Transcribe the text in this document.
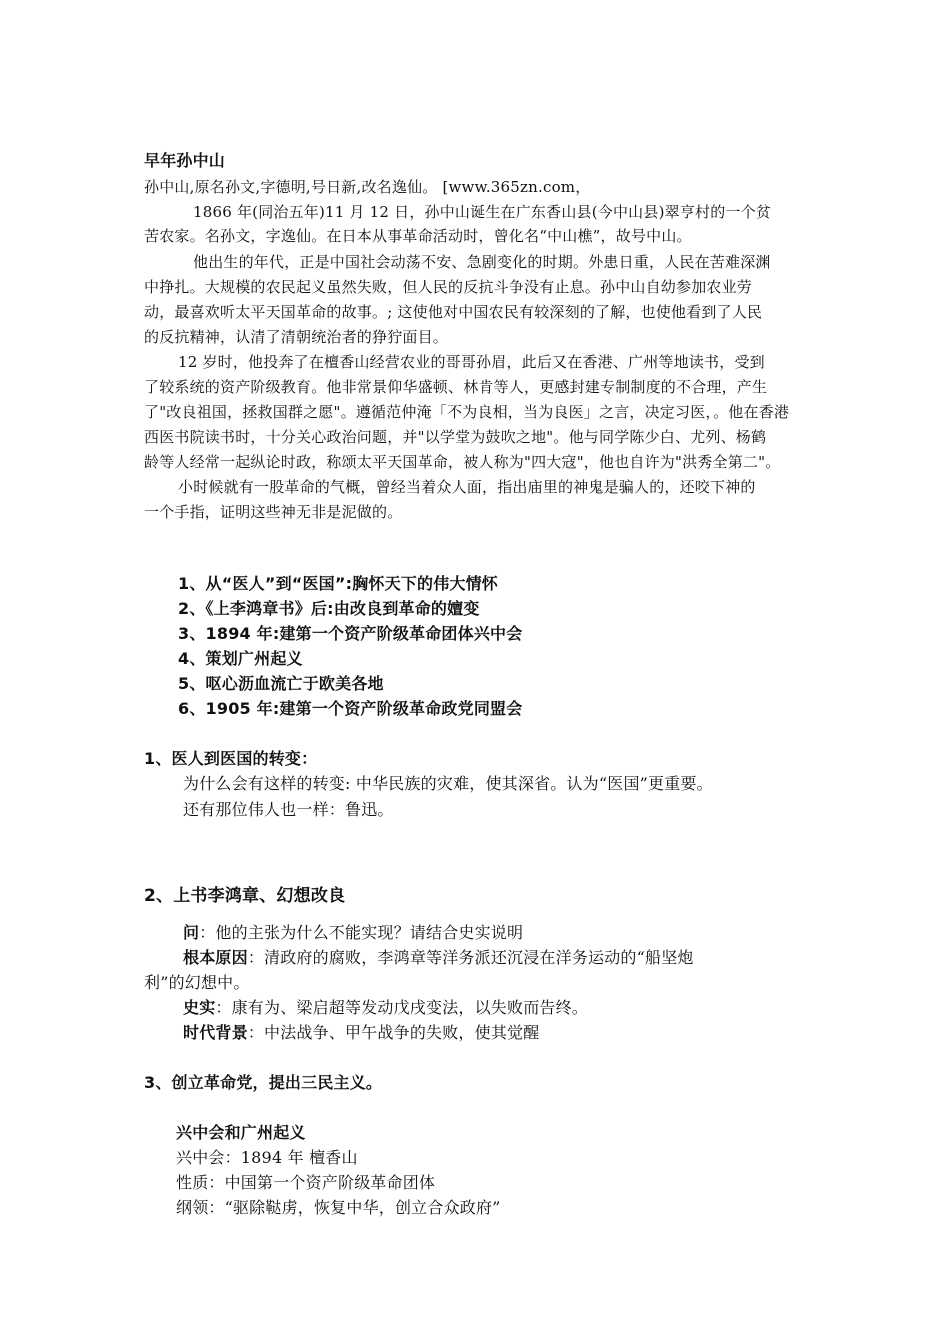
早年孙中山
孙中山,原名孙文,字德明,号日新,改名逸仙。 [www.365zn.com，
1866 年(同治五年)11 月 12 日，孙中山诞生在广东香山县(今中山县)翠亨村的一个贫
苦农家。名孙文，字逸仙。在日本从事革命活动时，曾化名“中山樵”，故号中山。
他出生的年代，正是中国社会动荡不安、急剧变化的时期。外患日重，人民在苦难深渊
中挣扎。大规模的农民起义虽然失败，但人民的反抗斗争没有止息。孙中山自幼参加农业劳
动，最喜欢听太平天国革命的故事。; 这使他对中国农民有较深刻的了解，也使他看到了人民
的反抗精神，认清了清朝统治者的狰狞面目。
12 岁时，他投奔了在檀香山经营农业的哥哥孙眉，此后又在香港、广州等地读书，受到
了较系统的资产阶级教育。他非常景仰华盛顿、林肯等人，更感封建专制制度的不合理，产生
了"改良祖国，拯救国群之愿"。遵循范仲淹「不为良相，当为良医」之言，决定习医，。他在香港
西医书院读书时，十分关心政治问题，并"以学堂为鼓吹之地"。他与同学陈少白、尤列、杨鹤
龄等人经常一起纵论时政，称颂太平天国革命，被人称为"四大寇"，他也自许为"洪秀全第二"。
小时候就有一股革命的气概，曾经当着众人面，指出庙里的神鬼是骗人的，还咬下神的
一个手指，证明这些神无非是泥做的。
1、从“医人”到“医国”:胸怀天下的伟大情怀
2、《上李鸿章书》后:由改良到革命的嬗变
3、1894 年:建第一个资产阶级革命团体兴中会
4、策划广州起义
5、呕心沥血流亡于欧美各地
6、1905 年:建第一个资产阶级革命政党同盟会
1、医人到医国的转变：
为什么会有这样的转变: 中华民族的灾难，使其深省。认为“医国”更重要。
还有那位伟人也一样：鲁迅。
2、上书李鸿章、幻想改良
问：他的主张为什么不能实现？请结合史实说明
根本原因：清政府的腐败，李鸿章等洋务派还沉浸在洋务运动的“船坚炮
利”的幻想中。
史实：康有为、梁启超等发动戊戌变法，以失败而告终。
时代背景：中法战争、甲午战争的失败，使其觉醒
3、创立革命党，提出三民主义。
兴中会和广州起义
兴中会：1894 年 檀香山
性质：中国第一个资产阶级革命团体
纲领：“驱除鞑虏，恢复中华，创立合众政府”
